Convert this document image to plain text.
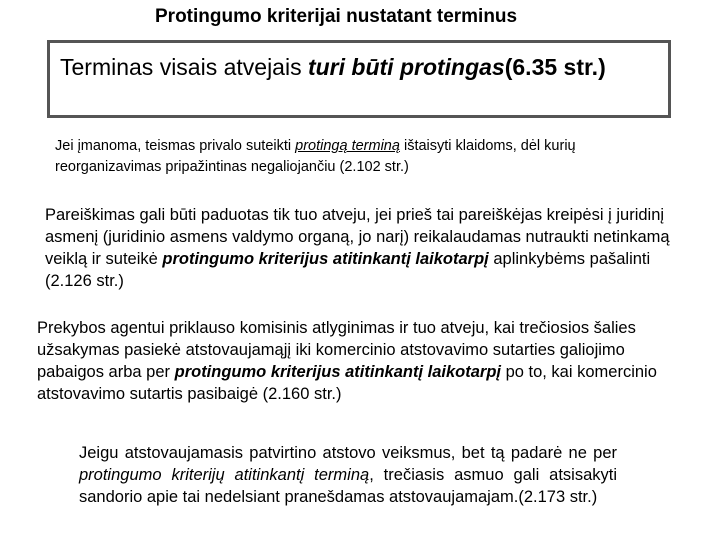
Protingumo kriterijai nustatant terminus
Terminas visais atvejais turi būti protingas(6.35 str.)
Jei įmanoma, teismas privalo suteikti protingą terminą ištaisyti klaidoms, dėl kurių reorganizavimas pripažintinas negaliojančiu (2.102 str.)
Pareiškimas gali būti paduotas tik tuo atveju, jei prieš tai pareiškėjas kreipėsi į juridinį asmenį (juridinio asmens valdymo organą, jo narį) reikalaudamas nutraukti netinkamą veiklą ir suteikė protingumo kriterijus atitinkantį laikotarpį aplinkybėms pašalinti (2.126 str.)
Prekybos agentui priklauso komisinis atlyginimas ir tuo atveju, kai trečiosios šalies užsakymas pasiekė atstovaujamąjį iki komercinio atstovavimo sutarties galiojimo pabaigos arba per protingumo kriterijus atitinkantį laikotarpį po to, kai komercinio atstovavimo sutartis pasibaigė (2.160 str.)
Jeigu atstovaujamasis patvirtino atstovo veiksmus, bet tą padarė ne per protingumo kriterijų atitinkantį terminą, trečiasis asmuo gali atsisakyti sandorio apie tai nedelsiant pranešdamas atstovaujamajam.(2.173 str.)
